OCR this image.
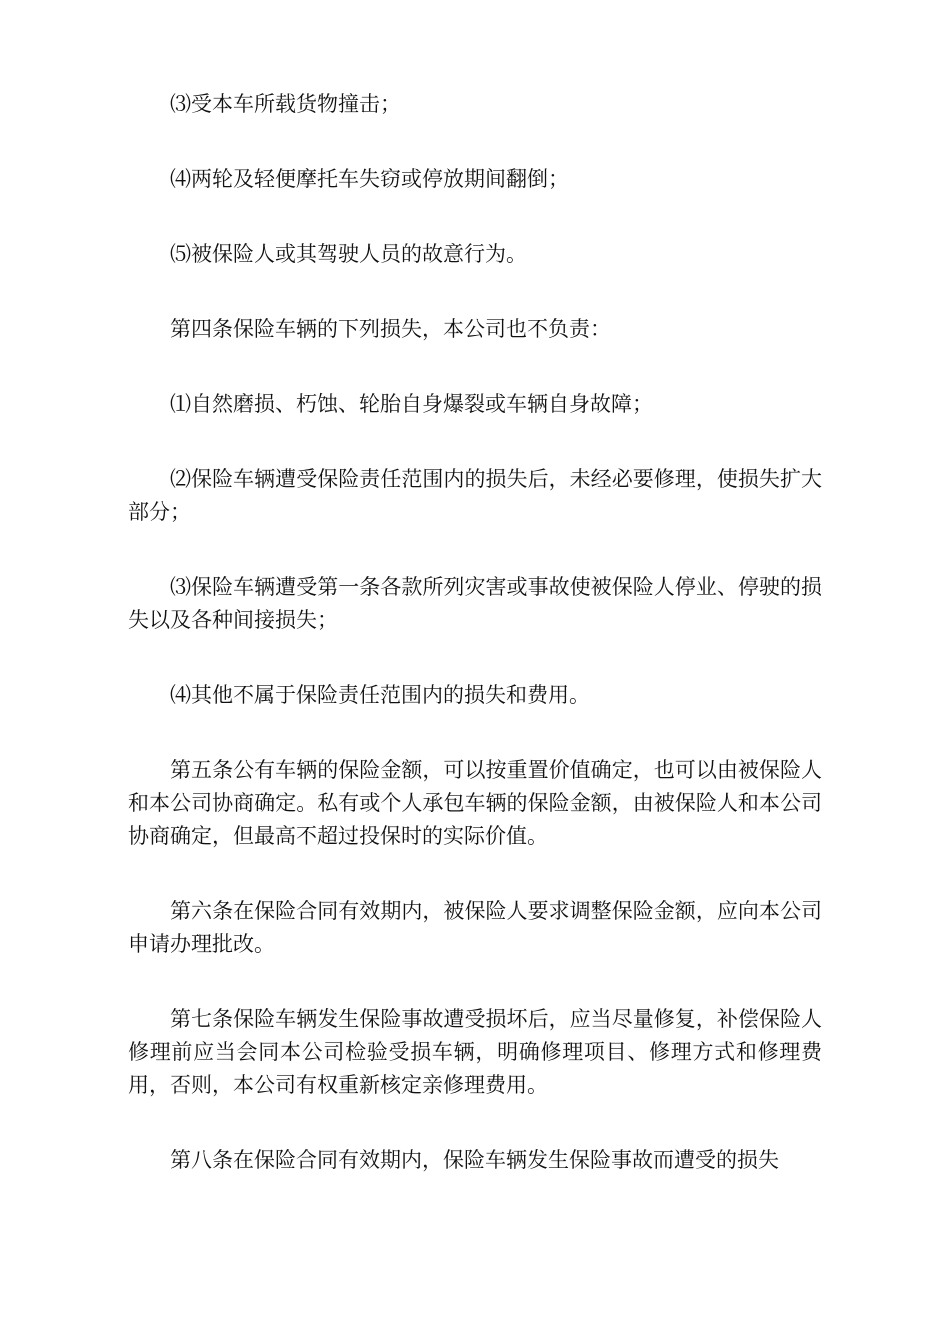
⑶受本车所载货物撞击；

⑷两轮及轻便摩托车失窃或停放期间翻倒；

⑸被保险人或其驾驶人员的故意行为。

第四条保险车辆的下列损失，本公司也不负责：

⑴自然磨损、朽蚀、轮胎自身爆裂或车辆自身故障；

⑵保险车辆遭受保险责任范围内的损失后，未经必要修理，使损失扩大部分；

⑶保险车辆遭受第一条各款所列灾害或事故使被保险人停业、停驶的损失以及各种间接损失；

⑷其他不属于保险责任范围内的损失和费用。

第五条公有车辆的保险金额，可以按重置价值确定，也可以由被保险人和本公司协商确定。私有或个人承包车辆的保险金额，由被保险人和本公司协商确定，但最高不超过投保时的实际价值。

第六条在保险合同有效期内，被保险人要求调整保险金额，应向本公司申请办理批改。

第七条保险车辆发生保险事故遭受损坏后，应当尽量修复，补偿保险人修理前应当会同本公司检验受损车辆，明确修理项目、修理方式和修理费用，否则，本公司有权重新核定亲修理费用。

第八条在保险合同有效期内，保险车辆发生保险事故而遭受的损失
